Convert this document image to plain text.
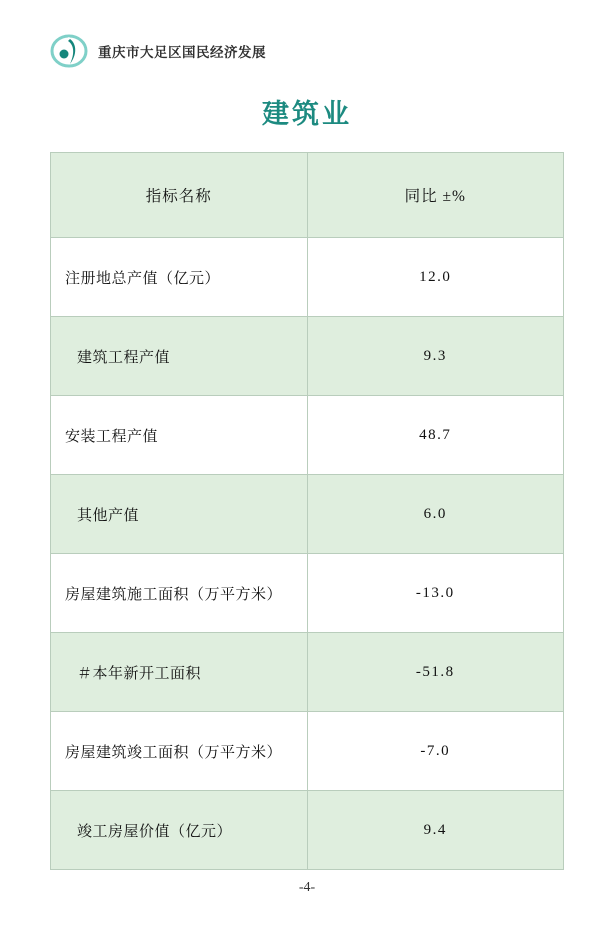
重庆市大足区国民经济发展
建筑业
指标名称	同比 ±%
注册地总产值（亿元）	12.0
建筑工程产值	9.3
安装工程产值	48.7
其他产值	6.0
房屋建筑施工面积（万平方米）	-13.0
＃本年新开工面积	-51.8
房屋建筑竣工面积（万平方米）	-7.0
竣工房屋价值（亿元）	9.4
-4-
